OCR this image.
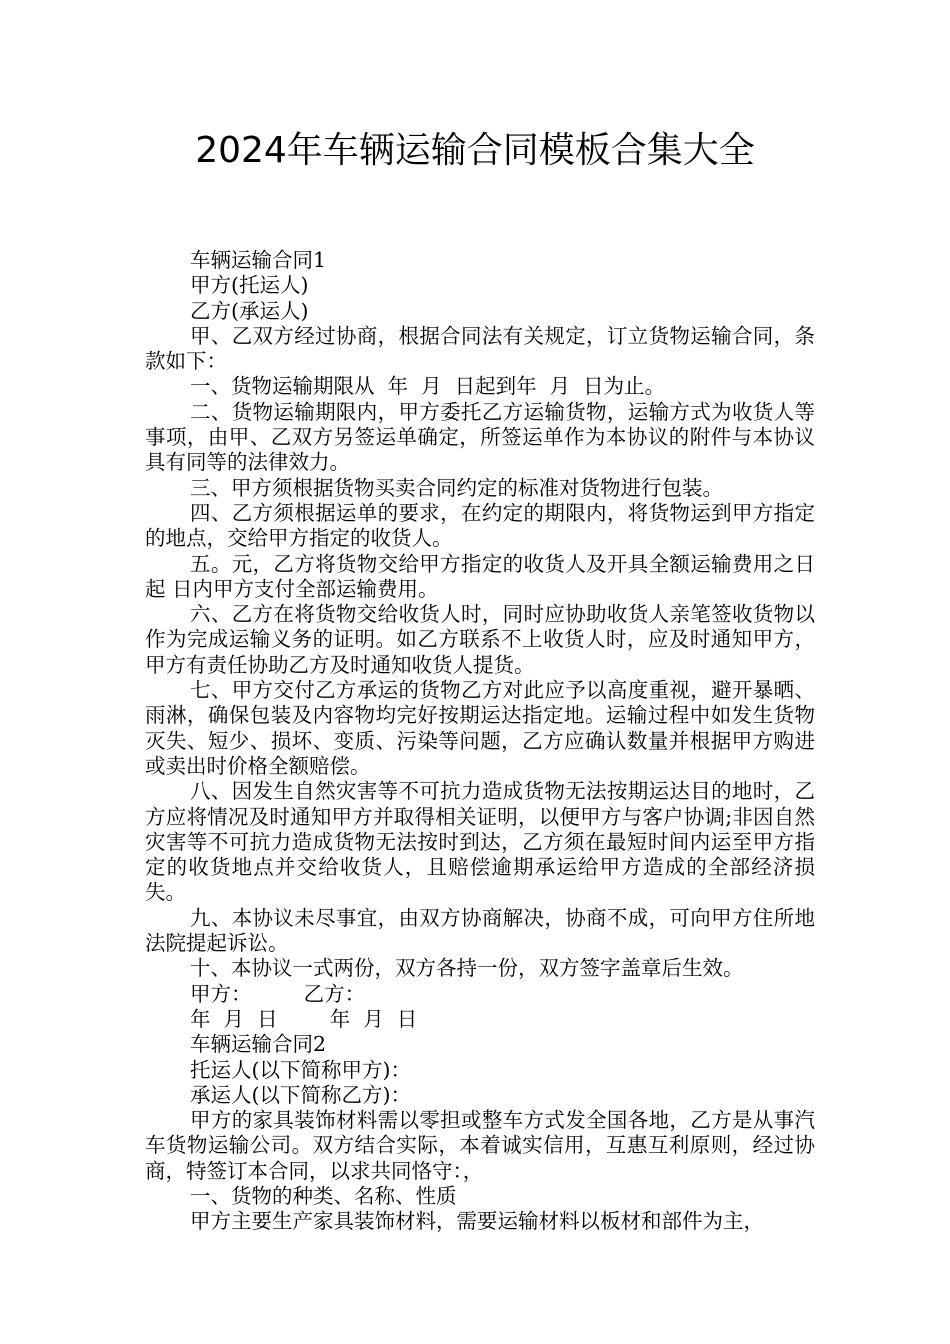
2024年车辆运输合同模板合集大全

车辆运输合同1

甲方(托运人)

乙方(承运人)

甲、乙双方经过协商，根据合同法有关规定，订立货物运输合同，条款如下：

一、货物运输期限从  年  月  日起到年  月  日为止。

二、货物运输期限内，甲方委托乙方运输货物，运输方式为收货人等事项，由甲、乙双方另签运单确定，所签运单作为本协议的附件与本协议具有同等的法律效力。

三、甲方须根据货物买卖合同约定的标准对货物进行包装。

四、乙方须根据运单的要求，在约定的期限内，将货物运到甲方指定的地点，交给甲方指定的收货人。

五。元，乙方将货物交给甲方指定的收货人及开具全额运输费用之日起 日内甲方支付全部运输费用。

六、乙方在将货物交给收货人时，同时应协助收货人亲笔签收货物以作为完成运输义务的证明。如乙方联系不上收货人时，应及时通知甲方，甲方有责任协助乙方及时通知收货人提货。

七、甲方交付乙方承运的货物乙方对此应予以高度重视，避开暴晒、雨淋，确保包装及内容物均完好按期运达指定地。运输过程中如发生货物灭失、短少、损坏、变质、污染等问题，乙方应确认数量并根据甲方购进或卖出时价格全额赔偿。

八、因发生自然灾害等不可抗力造成货物无法按期运达目的地时，乙方应将情况及时通知甲方并取得相关证明，以便甲方与客户协调;非因自然灾害等不可抗力造成货物无法按时到达，乙方须在最短时间内运至甲方指定的收货地点并交给收货人，且赔偿逾期承运给甲方造成的全部经济损失。

九、本协议未尽事宜，由双方协商解决，协商不成，可向甲方住所地法院提起诉讼。

十、本协议一式两份，双方各持一份，双方签字盖章后生效。

甲方：        乙方：

年  月  日        年  月  日

车辆运输合同2

托运人(以下简称甲方)：

承运人(以下简称乙方)：

甲方的家具装饰材料需以零担或整车方式发全国各地，乙方是从事汽车货物运输公司。双方结合实际，本着诚实信用，互惠互利原则，经过协商，特签订本合同，以求共同恪守：，

一、货物的种类、名称、性质

甲方主要生产家具装饰材料，需要运输材料以板材和部件为主，
